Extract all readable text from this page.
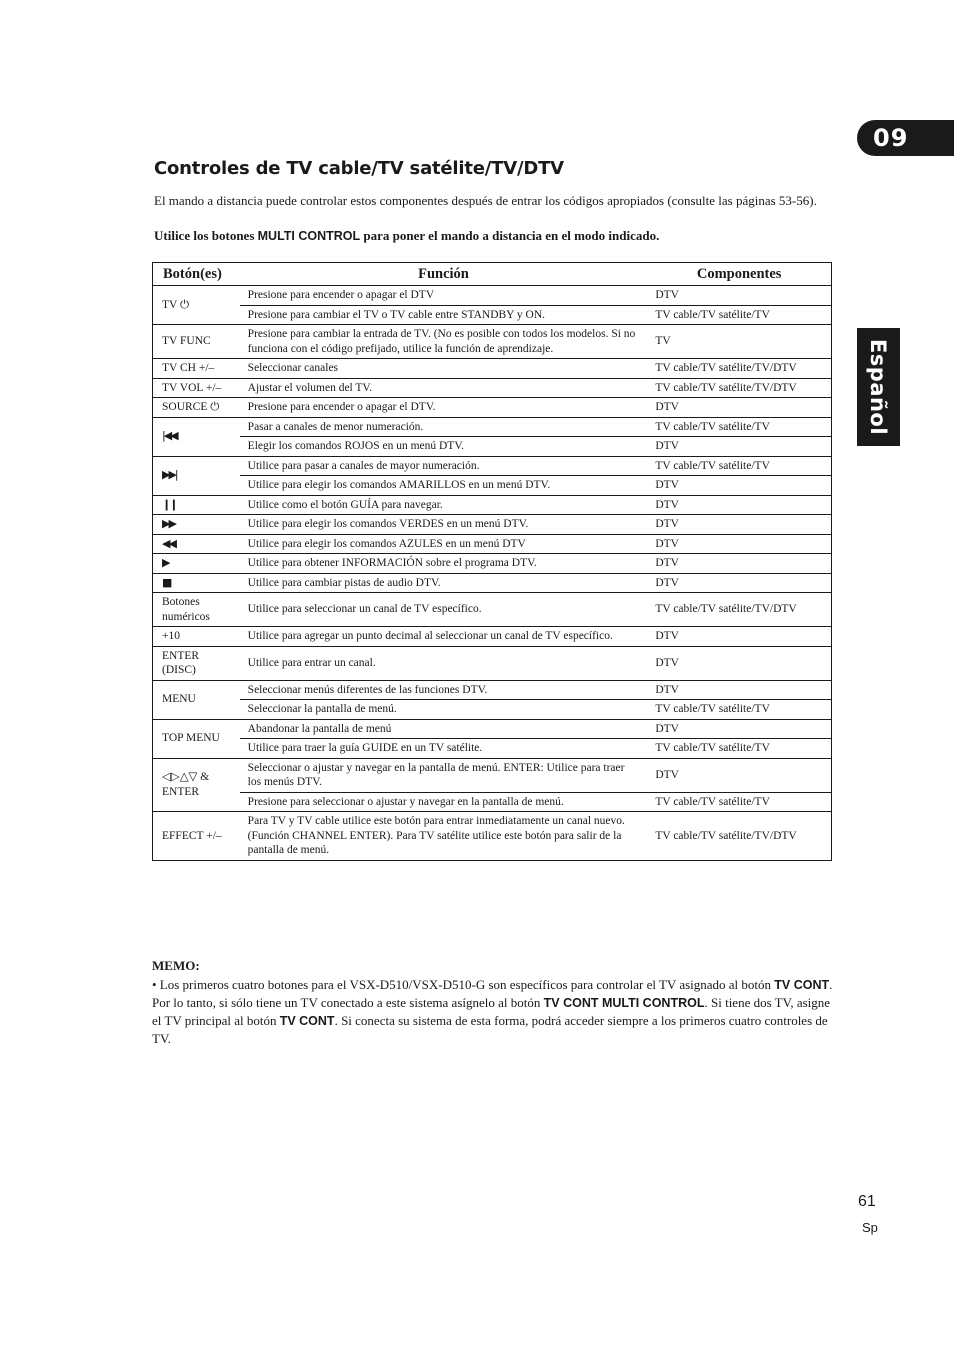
09
Español
Controles de TV cable/TV satélite/TV/DTV

El mando a distancia puede controlar estos componentes después de entrar los códigos apropiados (consulte las páginas 53-56).

Utilice los botones MULTI CONTROL para poner el mando a distancia en el modo indicado.

Botón(es)	Función	Componentes
TV ⏻	Presione para encender o apagar el DTV	DTV
	Presione para cambiar el TV o TV cable entre STANDBY y ON.	TV cable/TV satélite/TV
TV FUNC	Presione para cambiar la entrada de TV. (No es posible con todos los modelos. Si no funciona con el código prefijado, utilice la función de aprendizaje.	TV
TV CH +/–	Seleccionar canales	TV cable/TV satélite/TV/DTV
TV VOL +/–	Ajustar el volumen del TV.	TV cable/TV satélite/TV/DTV
SOURCE ⏻	Presione para encender o apagar el DTV.	DTV
|◀◀	Pasar a canales de menor numeración.	TV cable/TV satélite/TV
	Elegir los comandos ROJOS en un menú DTV.	DTV
▶▶|	Utilice para pasar a canales de mayor numeración.	TV cable/TV satélite/TV
	Utilice para elegir los comandos AMARILLOS en un menú DTV.	DTV
❙❙	Utilice como el botón GUÍA para navegar.	DTV
▶▶	Utilice para elegir los comandos VERDES en un menú DTV.	DTV
◀◀	Utilice para elegir los comandos AZULES en un menú DTV	DTV
▶	Utilice para obtener INFORMACIÓN sobre el programa DTV.	DTV
■	Utilice para cambiar pistas de audio DTV.	DTV
Botones numéricos	Utilice para seleccionar un canal de TV específico.	TV cable/TV satélite/TV/DTV
+10	Utilice para agregar un punto decimal al seleccionar un canal de TV específico.	DTV
ENTER (DISC)	Utilice para entrar un canal.	DTV
MENU	Seleccionar menús diferentes de las funciones DTV.	DTV
	Seleccionar la pantalla de menú.	TV cable/TV satélite/TV
TOP MENU	Abandonar la pantalla de menú	DTV
	Utilice para traer la guía GUIDE en un TV satélite.	TV cable/TV satélite/TV
◁▷△▽ & ENTER	Seleccionar o ajustar y navegar en la pantalla de menú. ENTER: Utilice para traer los menús DTV.	DTV
	Presione para seleccionar o ajustar y navegar en la pantalla de menú.	TV cable/TV satélite/TV
EFFECT +/–	Para TV y TV cable utilice este botón para entrar inmediatamente un canal nuevo. (Función CHANNEL ENTER). Para TV satélite utilice este botón para salir de la pantalla de menú.	TV cable/TV satélite/TV/DTV

MEMO:

• Los primeros cuatro botones para el VSX-D510/VSX-D510-G son específicos para controlar el TV asignado al botón TV CONT. Por lo tanto, si sólo tiene un TV conectado a este sistema asígnelo al botón TV CONT MULTI CONTROL. Si tiene dos TV, asigne el TV principal al botón TV CONT. Si conecta su sistema de esta forma, podrá acceder siempre a los primeros cuatro controles de TV.

61
Sp
